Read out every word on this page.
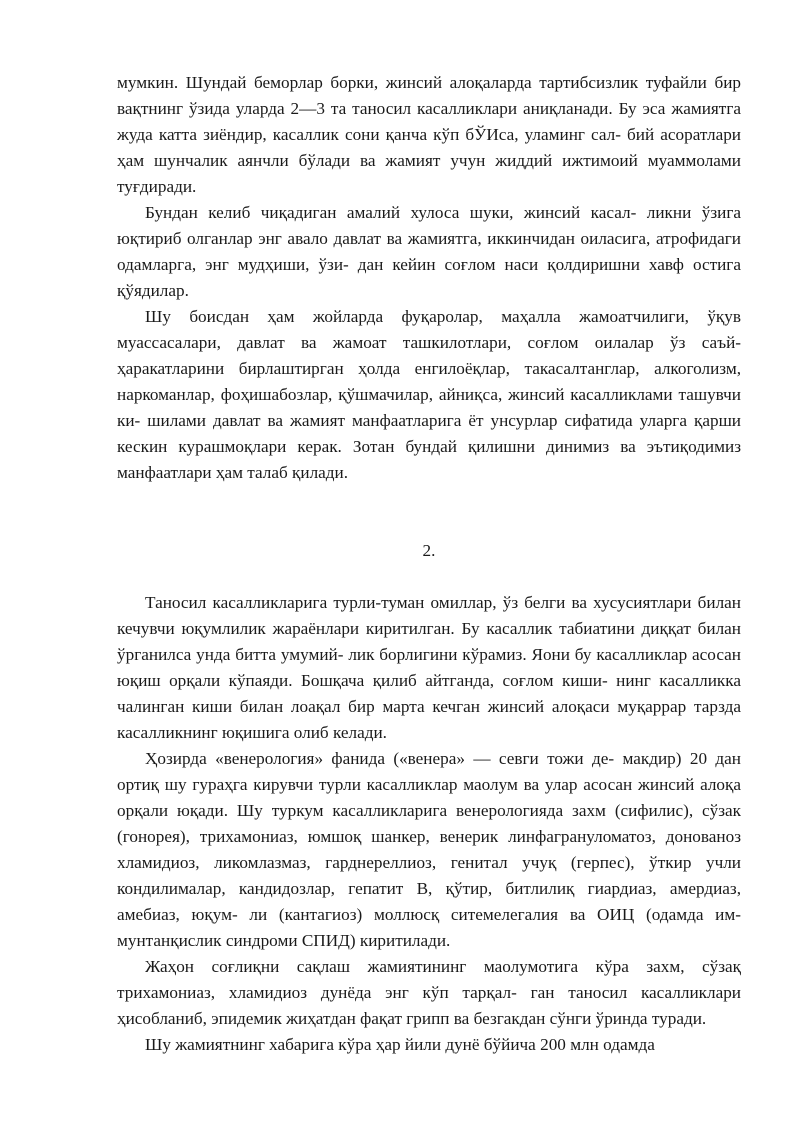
мумкин. Шундай беморлар борки, жинсий алоқаларда тартибсизлик туфайли бир вақтнинг ўзида уларда 2—3 та таносил касалликлари аниқланади. Бу эса жамиятга жуда катта зиёндир, касаллик сони қанча кўп бЎИса, уламинг сал- бий асоратлари ҳам шунчалик аянчли бўлади ва жамият учун жиддий ижтимоий муаммолами туғдиради.

Бундан келиб чиқадиган амалий хулоса шуки, жинсий касал- ликни ўзига юқтириб олганлар энг авало давлат ва жамиятга, иккинчидан оиласига, атрофидаги одамларга, энг мудҳиши, ўзи- дан кейин соғлом наси қолдиришни хавф остига қўядилар.

Шу боисдан ҳам жойларда фуқаролар, маҳалла жамоатчилиги, ўқув муассасалари, давлат ва жамоат ташкилотлари, соғлом оилалар ўз саъй-ҳаракатларини бирлаштирган ҳолда енгилоёқлар, такасалтанглар, алкоголизм, наркоманлар, фоҳишабозлар, қўшмачилар, айниқса, жинсий касалликлами ташувчи ки- шилами давлат ва жамият манфаатларига ёт унсурлар сифатида уларга қарши кескин курашмоқлари керак. Зотан бундай қилишни динимиз ва эътиқодимиз манфаатлари ҳам талаб қилади.

2.

Таносил касалликларига турли-туман омиллар, ўз белги ва хусусиятлари билан кечувчи юқумлилик жараёнлари киритилган. Бу касаллик табиатини диққат билан ўрганилса унда битта умумий- лик борлигини кўрамиз. Яони бу касалликлар асосан юқиш орқали кўпаяди. Бошқача қилиб айтганда, соғлом киши- нинг касалликка чалинган киши билан лоақал бир марта кечган жинсий алоқаси муқаррар тарзда касалликнинг юқишига олиб келади.

Ҳозирда «венерология» фанида («венера» — севги тожи де- макдир) 20 дан ортиқ шу гураҳга кирувчи турли касалликлар маолум ва улар асосан жинсий алоқа орқали юқади. Шу туркум касалликларига венерологияда захм (сифилис), сўзак (гонорея), трихамониаз, юмшоқ шанкер, венерик линфагрануломатоз, донованоз хламидиоз, ликомлазмаз, гарднереллиоз, генитал учуқ (герпес), ўткир учли кондилималар, кандидозлар, гепатит В, қўтир, битлилиқ гиардиаз, амердиаз, амебиаз, юқум- ли (кантагиоз) моллюсқ ситемелегалия ва ОИЦ (одамда им- мунтанқислик синдроми СПИД) киритилади.

Жаҳон соғлиқни сақлаш жамиятининг маолумотига кўра захм, сўзақ трихамониаз, хламидиоз дунёда энг кўп тарқал- ган таносил касалликлари ҳисобланиб, эпидемик жиҳатдан фақат грипп ва безгакдан сўнги ўринда туради.

Шу жамиятнинг хабарига кўра ҳар йили дунё бўйича 200 млн одамда
